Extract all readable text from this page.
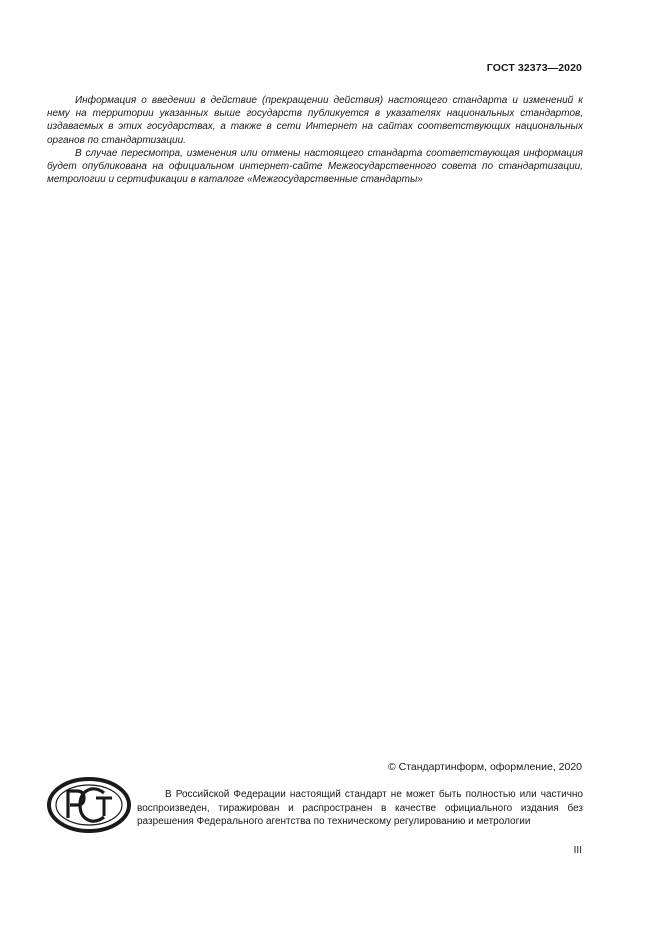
ГОСТ 32373—2020

Информация о введении в действие (прекращении действия) настоящего стандарта и изменений к нему на территории указанных выше государств публикуется в указателях национальных стандартов, издаваемых в этих государствах, а также в сети Интернет на сайтах соответствующих национальных органов по стандартизации.

В случае пересмотра, изменения или отмены настоящего стандарта соответствующая информация будет опубликована на официальном интернет-сайте Межгосударственного совета по стандартизации, метрологии и сертификации в каталоге «Межгосударственные стандарты»

© Стандартинформ, оформление, 2020

В Российской Федерации настоящий стандарт не может быть полностью или частично воспроизведен, тиражирован и распространен в качестве официального издания без разрешения Федерального агентства по техническому регулированию и метрологии

III
